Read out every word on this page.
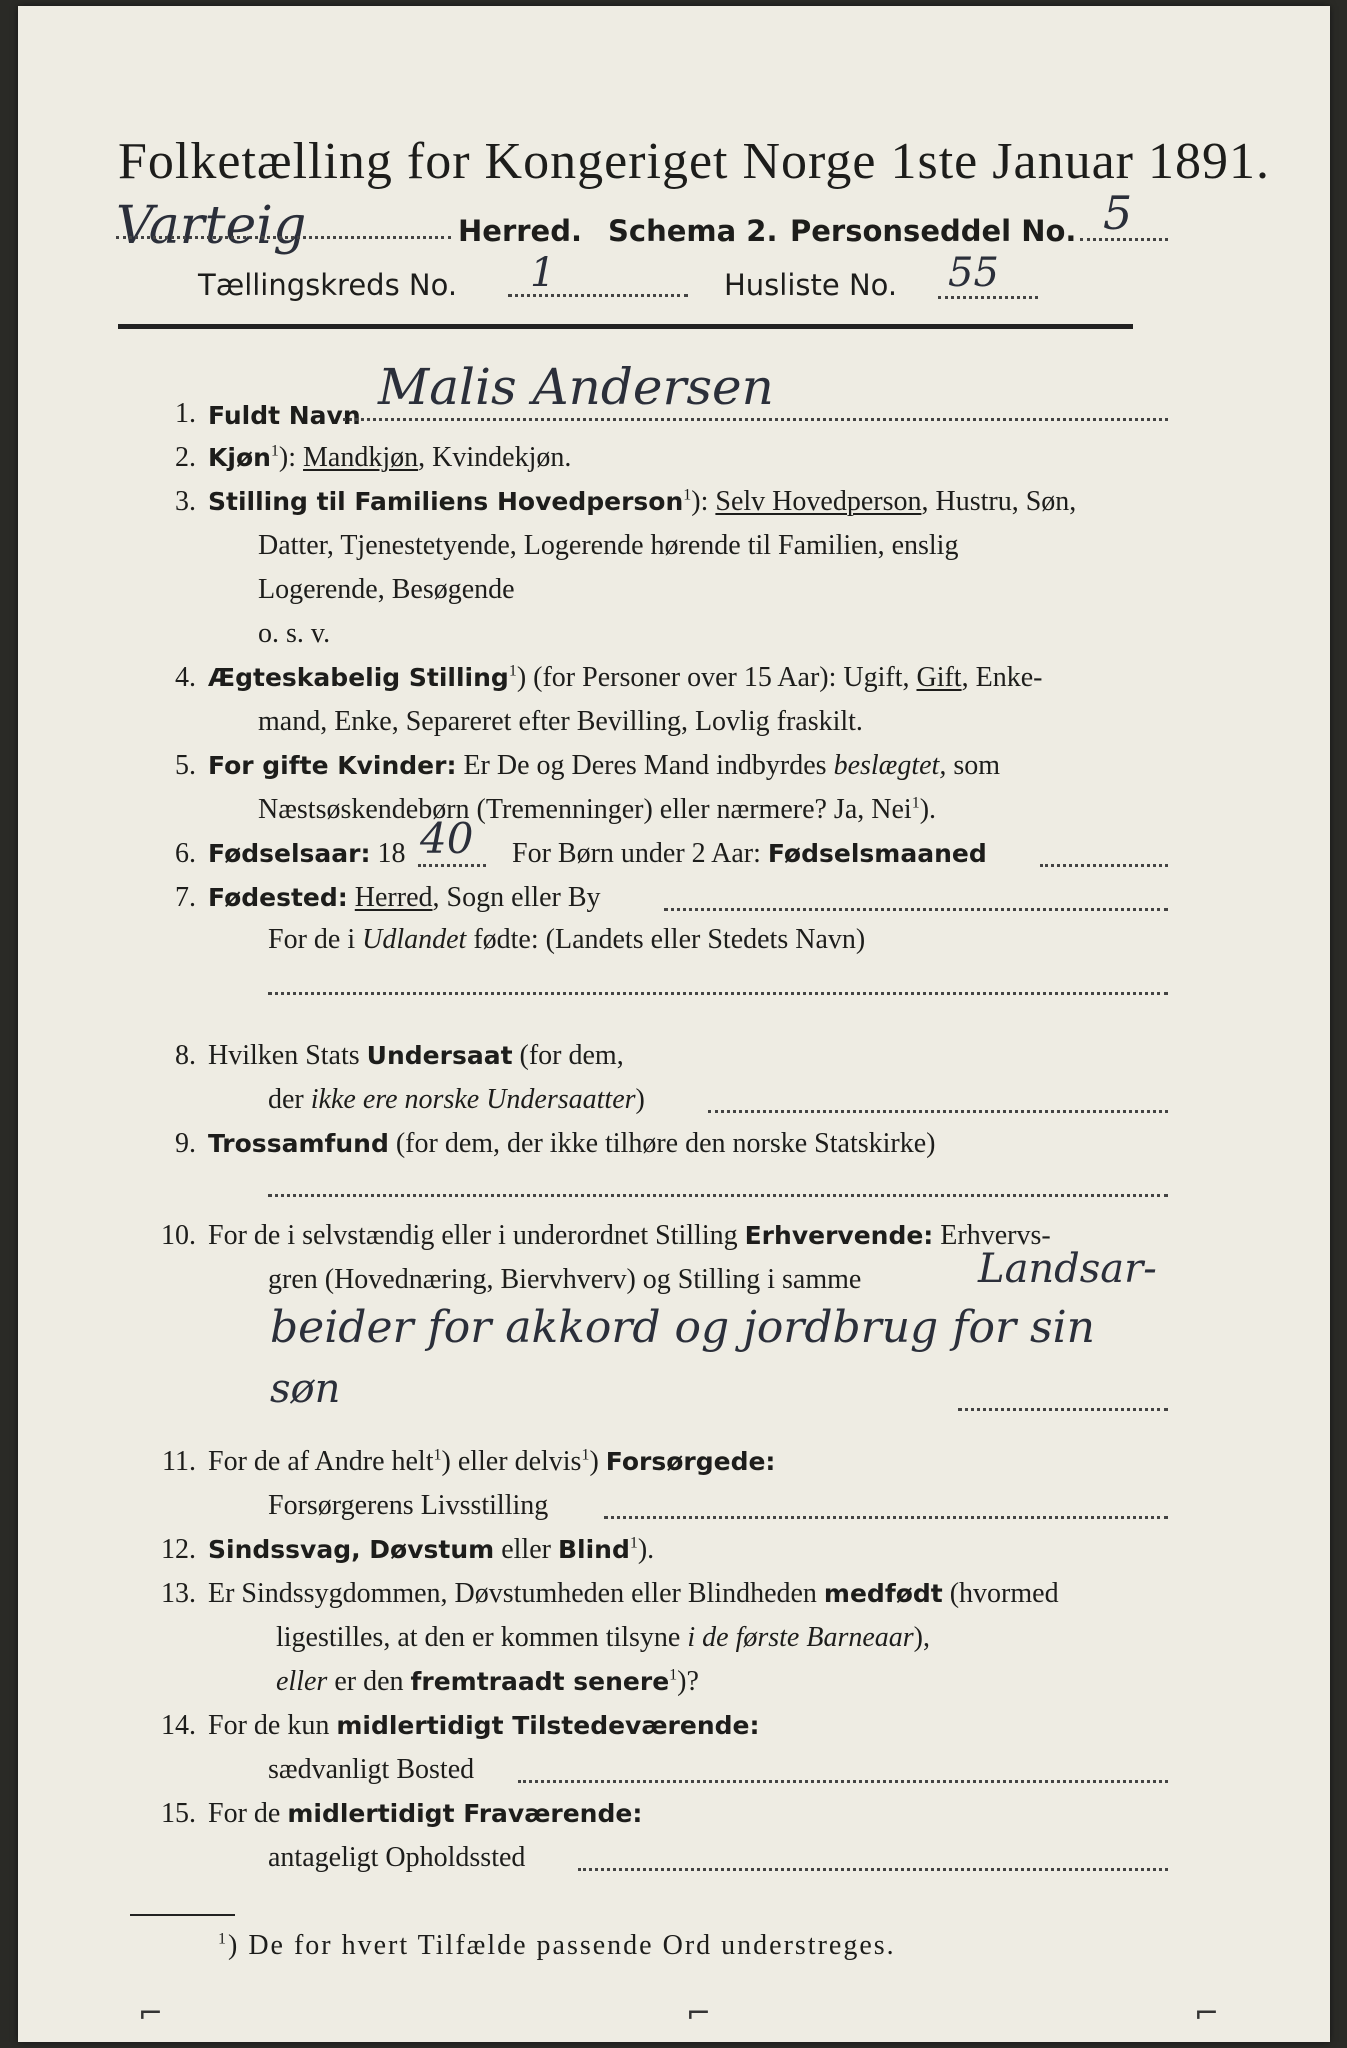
Folketælling for Kongeriget Norge 1ste Januar 1891.
Varteig	Herred. Schema 2. Personseddel No. 5
Tællingskreds No. 1	Husliste No. 55
1. Fuldt Navn Malis Andersen
2. Kjøn$^1$): Mandkjøn, Kvindekjøn.
3. Stilling til Familiens Hovedperson$^1$): Selv Hovedperson, Hustru, Søn,
Datter, Tjenestetyende, Logerende hørende til Familien, enslig
Logerende, Besøgende
o. s. v.
4. Ægteskabelig Stilling$^1$) (for Personer over 15 Aar): Ugift, Gift, Enke-
mand, Enke, Separeret efter Bevilling, Lovlig fraskilt.
5. For gifte Kvinder: Er De og Deres Mand indbyrdes beslægtet, som
Næstsøskendebørn (Tremenninger) eller nærmere? Ja, Nei$^1$).
6. Fødselsaar: 18 40 For Børn under 2 Aar: Fødselsmaaned
7. Fødested: Herred, Sogn eller By
For de i Udlandet fødte: (Landets eller Stedets Navn)
8. Hvilken Stats Undersaat (for dem,
der ikke ere norske Undersaatter)
9. Trossamfund (for dem, der ikke tilhøre den norske Statskirke)
10. For de i selvstændig eller i underordnet Stilling Erhvervende: Erhvervs-
gren (Hovednæring, Biervhverv) og Stilling i samme	Landsar-
beider for akkord og jordbrug for sin
søn
11. For de af Andre helt$^1$) eller delvis$^1$) Forsørgede:
Forsørgerens Livsstilling
12. Sindssvag, Døvstum eller Blind$^1$).
13. Er Sindssygdommen, Døvstumheden eller Blindheden medfødt (hvormed
ligestilles, at den er kommen tilsyne i de første Barneaar),
eller er den fremtraadt senere$^1$)?
14. For de kun midlertidigt Tilstedeværende:
sædvanligt Bosted
15. For de midlertidigt Fraværende:
antageligt Opholdssted
$^1$) De for hvert Tilfælde passende Ord understreges.
⌐	⌐	⌐
